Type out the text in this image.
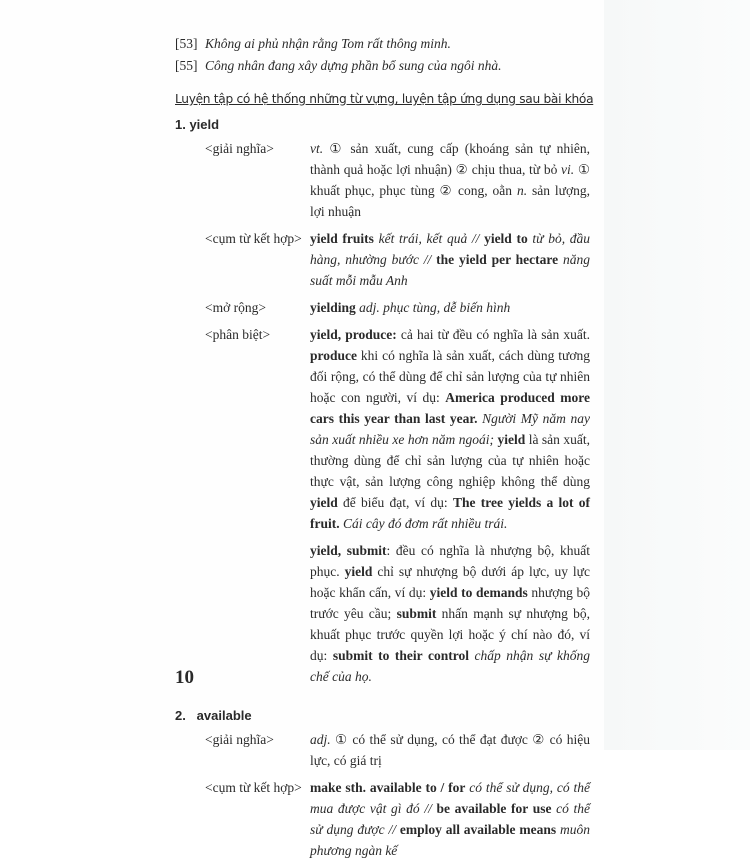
[53] Không ai phủ nhận rằng Tom rất thông minh.
[55] Công nhân đang xây dựng phần bổ sung của ngôi nhà.
Luyện tập có hệ thống những từ vựng, luyện tập ứng dụng sau bài khóa
1. yield
<giải nghĩa>	vt. ① sản xuất, cung cấp (khoáng sản tự nhiên, thành quả hoặc lợi nhuận) ② chịu thua, từ bỏ vi. ① khuất phục, phục tùng ② cong, oằn n. sản lượng, lợi nhuận

<cụm từ kết hợp> yield fruits kết trái, kết quả // yield to từ bỏ, đầu hàng, nhường bước // the yield per hectare năng suất mỗi mẫu Anh

<mở rộng>	yielding adj. phục tùng, dễ biến hình

<phân biệt>	yield, produce: cả hai từ đều có nghĩa là sản xuất. produce khi có nghĩa là sản xuất, cách dùng tương đối rộng, có thể dùng để chỉ sản lượng của tự nhiên hoặc con người, ví dụ: America produced more cars this year than last year. Người Mỹ năm nay sản xuất nhiều xe hơn năm ngoái; yield là sản xuất, thường dùng để chỉ sản lượng của tự nhiên hoặc thực vật, sản lượng công nghiệp không thể dùng yield để biểu đạt, ví dụ: The tree yields a lot of fruit. Cái cây đó đơm rất nhiều trái.

yield, submit: đều có nghĩa là nhượng bộ, khuất phục. yield chỉ sự nhượng bộ dưới áp lực, uy lực hoặc khẩn cấn, ví dụ: yield to demands nhượng bộ trước yêu cầu; submit nhấn mạnh sự nhượng bộ, khuất phục trước quyền lợi hoặc ý chí nào đó, ví dụ: submit to their control chấp nhận sự khống chế của họ.

2.   available
<giải nghĩa>	adj. ① có thể sử dụng, có thể đạt được ② có hiệu lực, có giá trị

<cụm từ kết hợp> make sth. available to / for có thể sử dụng, có thể mua được vật gì đó // be available for use có thể sử dụng được // employ all available means muôn phương ngàn kế

10
